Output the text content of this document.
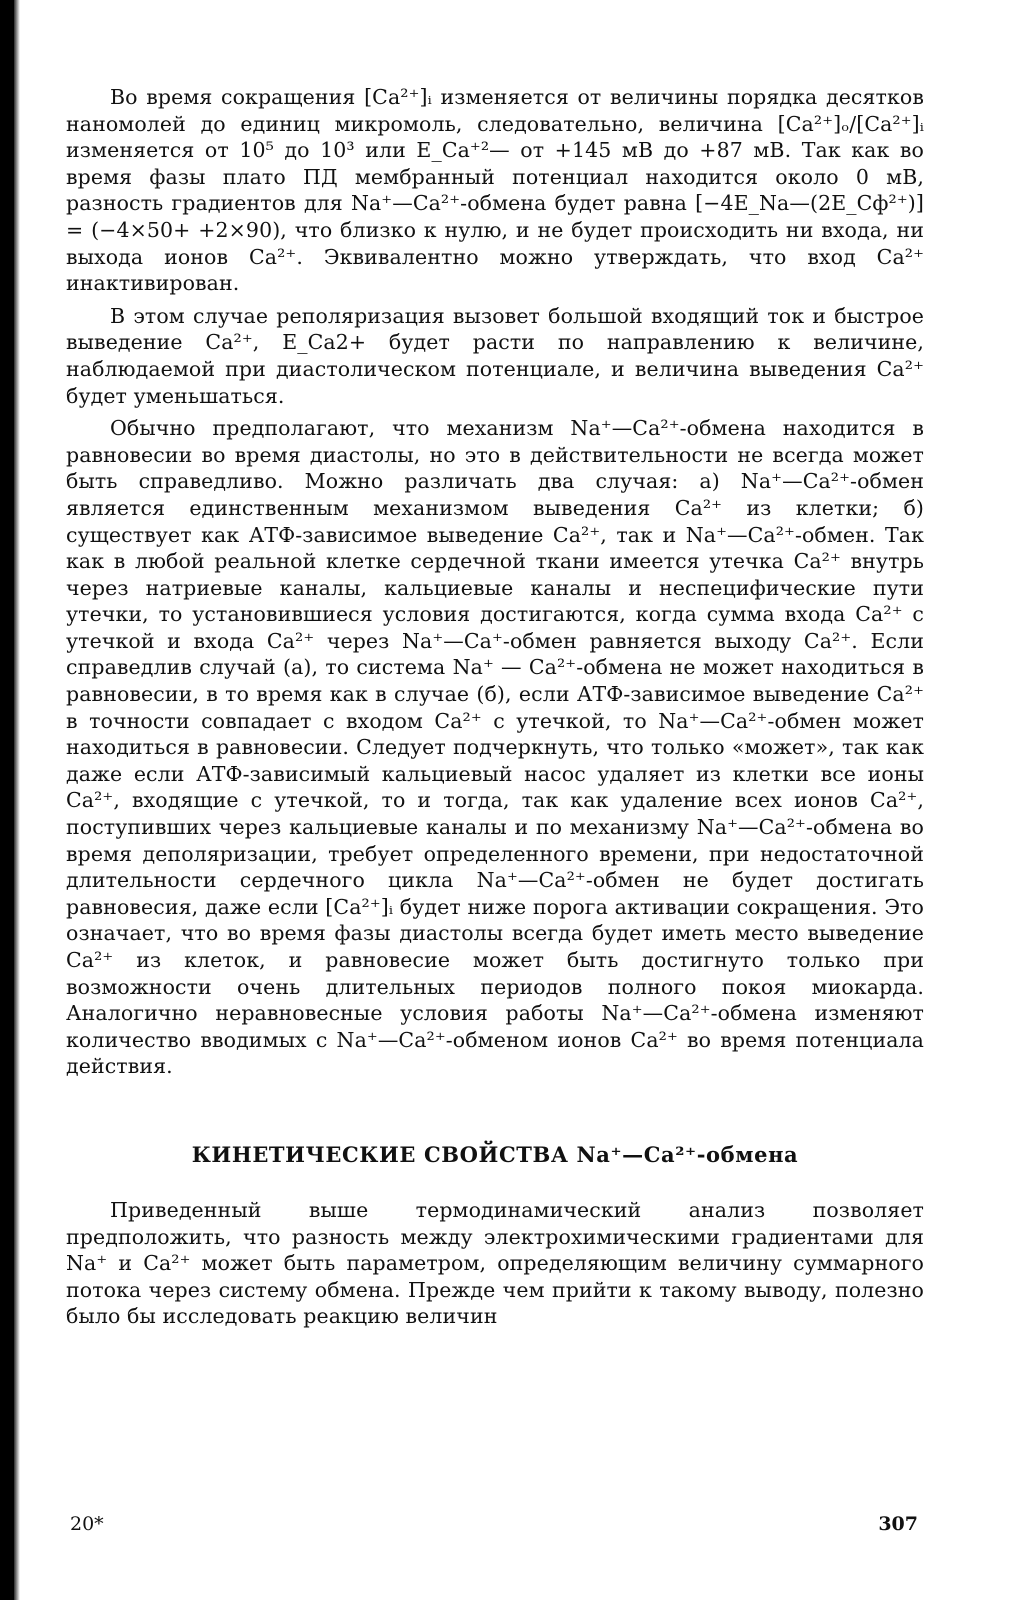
Во время сокращения [Ca²⁺]ᵢ изменяется от величины порядка десятков наномолей до единиц микромоль, следовательно, величина [Ca²⁺]ₒ/[Ca²⁺]ᵢ изменяется от 10⁵ до 10³ или E_Ca⁺²— от +145 мВ до +87 мВ. Так как во время фазы плато ПД мембранный потенциал находится около 0 мВ, разность градиентов для Na⁺—Ca²⁺-обмена будет равна [−4E_Na—(2E_Cф²⁺)] = (−4×50+ +2×90), что близко к нулю, и не будет происходить ни входа, ни выхода ионов Ca²⁺. Эквивалентно можно утверждать, что вход Ca²⁺ инактивирован.

В этом случае реполяризация вызовет большой входящий ток и быстрое выведение Ca²⁺, E_Ca2+ будет расти по направлению к величине, наблюдаемой при диастолическом потенциале, и величина выведения Ca²⁺ будет уменьшаться.

Обычно предполагают, что механизм Na⁺—Ca²⁺-обмена находится в равновесии во время диастолы, но это в действительности не всегда может быть справедливо. Можно различать два случая: а) Na⁺—Ca²⁺-обмен является единственным механизмом выведения Ca²⁺ из клетки; б) существует как АТФ-зависимое выведение Ca²⁺, так и Na⁺—Ca²⁺-обмен. Так как в любой реальной клетке сердечной ткани имеется утечка Ca²⁺ внутрь через натриевые каналы, кальциевые каналы и неспецифические пути утечки, то установившиеся условия достигаются, когда сумма входа Ca²⁺ с утечкой и входа Ca²⁺ через Na⁺—Ca⁺-обмен равняется выходу Ca²⁺. Если справедлив случай (а), то система Na⁺ — Ca²⁺-обмена не может находиться в равновесии, в то время как в случае (б), если АТФ-зависимое выведение Ca²⁺ в точности совпадает с входом Ca²⁺ с утечкой, то Na⁺—Ca²⁺-обмен может находиться в равновесии. Следует подчеркнуть, что только «может», так как даже если АТФ-зависимый кальциевый насос удаляет из клетки все ионы Ca²⁺, входящие с утечкой, то и тогда, так как удаление всех ионов Ca²⁺, поступивших через кальциевые каналы и по механизму Na⁺—Ca²⁺-обмена во время деполяризации, требует определенного времени, при недостаточной длительности сердечного цикла Na⁺—Ca²⁺-обмен не будет достигать равновесия, даже если [Ca²⁺]ᵢ будет ниже порога активации сокращения. Это означает, что во время фазы диастолы всегда будет иметь место выведение Ca²⁺ из клеток, и равновесие может быть достигнуто только при возможности очень длительных периодов полного покоя миокарда. Аналогично неравновесные условия работы Na⁺—Ca²⁺-обмена изменяют количество вводимых с Na⁺—Ca²⁺-обменом ионов Ca²⁺ во время потенциала действия.

КИНЕТИЧЕСКИЕ СВОЙСТВА Na⁺—Ca²⁺-обмена

Приведенный выше термодинамический анализ позволяет предположить, что разность между электрохимическими градиентами для Na⁺ и Ca²⁺ может быть параметром, определяющим величину суммарного потока через систему обмена. Прежде чем прийти к такому выводу, полезно было бы исследовать реакцию величин

20*	307
